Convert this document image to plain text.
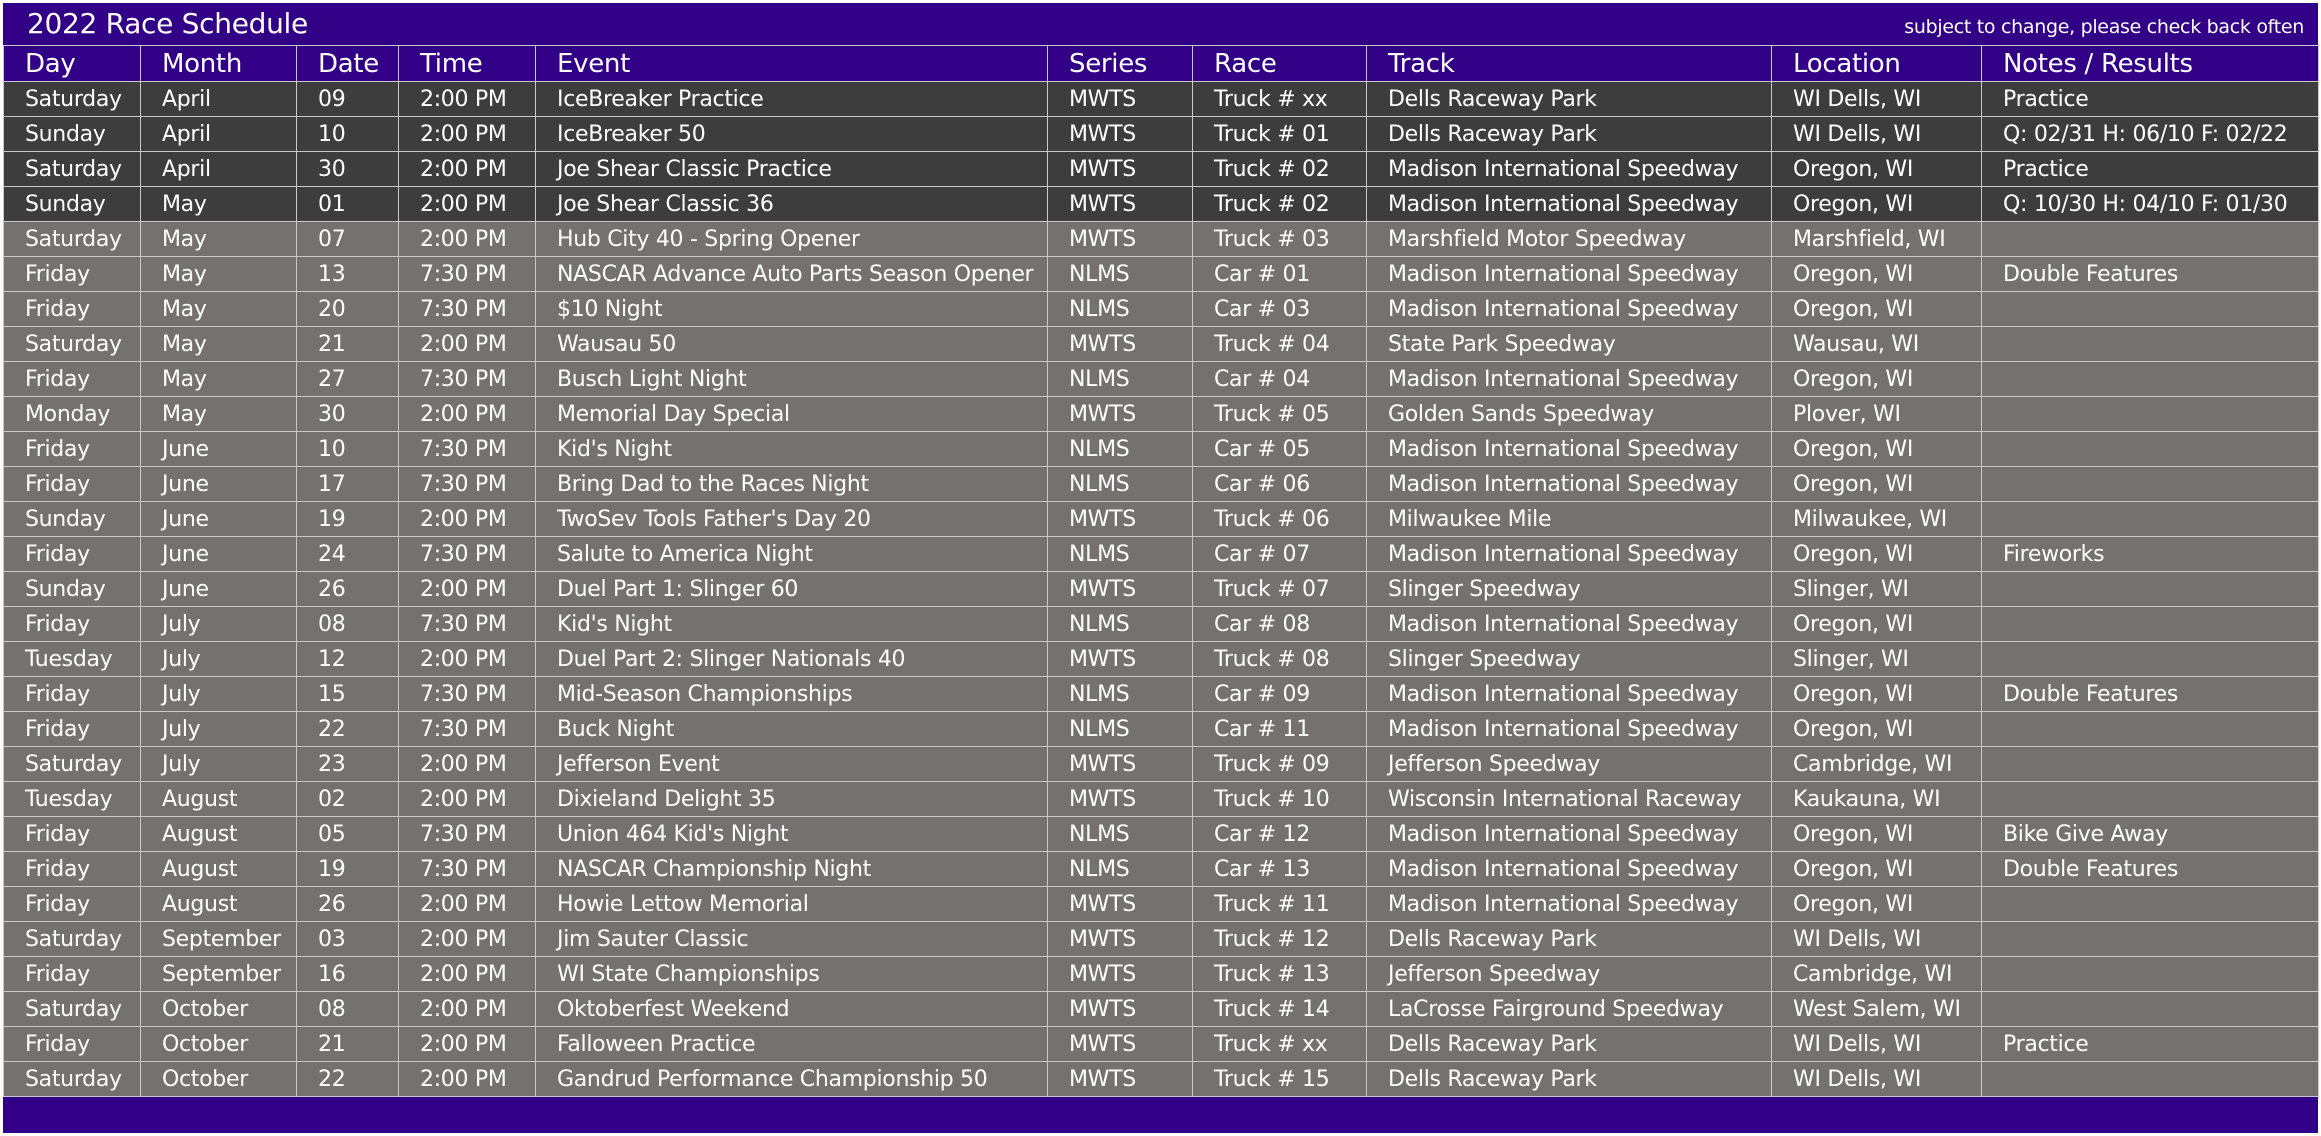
2022 Race Schedule	subject to change, please check back often
Day	Month	Date	Time	Event	Series	Race	Track	Location	Notes / Results
Saturday	April	09	2:00 PM	IceBreaker Practice	MWTS	Truck # xx	Dells Raceway Park	WI Dells, WI	Practice
Sunday	April	10	2:00 PM	IceBreaker 50	MWTS	Truck # 01	Dells Raceway Park	WI Dells, WI	Q: 02/31 H: 06/10 F: 02/22
Saturday	April	30	2:00 PM	Joe Shear Classic Practice	MWTS	Truck # 02	Madison International Speedway	Oregon, WI	Practice
Sunday	May	01	2:00 PM	Joe Shear Classic 36	MWTS	Truck # 02	Madison International Speedway	Oregon, WI	Q: 10/30 H: 04/10 F: 01/30
Saturday	May	07	2:00 PM	Hub City 40 - Spring Opener	MWTS	Truck # 03	Marshfield Motor Speedway	Marshfield, WI	
Friday	May	13	7:30 PM	NASCAR Advance Auto Parts Season Opener	NLMS	Car # 01	Madison International Speedway	Oregon, WI	Double Features
Friday	May	20	7:30 PM	$10 Night	NLMS	Car # 03	Madison International Speedway	Oregon, WI	
Saturday	May	21	2:00 PM	Wausau 50	MWTS	Truck # 04	State Park Speedway	Wausau, WI	
Friday	May	27	7:30 PM	Busch Light Night	NLMS	Car # 04	Madison International Speedway	Oregon, WI	
Monday	May	30	2:00 PM	Memorial Day Special	MWTS	Truck # 05	Golden Sands Speedway	Plover, WI	
Friday	June	10	7:30 PM	Kid's Night	NLMS	Car # 05	Madison International Speedway	Oregon, WI	
Friday	June	17	7:30 PM	Bring Dad to the Races Night	NLMS	Car # 06	Madison International Speedway	Oregon, WI	
Sunday	June	19	2:00 PM	TwoSev Tools Father's Day 20	MWTS	Truck # 06	Milwaukee Mile	Milwaukee, WI	
Friday	June	24	7:30 PM	Salute to America Night	NLMS	Car # 07	Madison International Speedway	Oregon, WI	Fireworks
Sunday	June	26	2:00 PM	Duel Part 1: Slinger 60	MWTS	Truck # 07	Slinger Speedway	Slinger, WI	
Friday	July	08	7:30 PM	Kid's Night	NLMS	Car # 08	Madison International Speedway	Oregon, WI	
Tuesday	July	12	2:00 PM	Duel Part 2: Slinger Nationals 40	MWTS	Truck # 08	Slinger Speedway	Slinger, WI	
Friday	July	15	7:30 PM	Mid-Season Championships	NLMS	Car # 09	Madison International Speedway	Oregon, WI	Double Features
Friday	July	22	7:30 PM	Buck Night	NLMS	Car # 11	Madison International Speedway	Oregon, WI	
Saturday	July	23	2:00 PM	Jefferson Event	MWTS	Truck # 09	Jefferson Speedway	Cambridge, WI	
Tuesday	August	02	2:00 PM	Dixieland Delight 35	MWTS	Truck # 10	Wisconsin International Raceway	Kaukauna, WI	
Friday	August	05	7:30 PM	Union 464 Kid's Night	NLMS	Car # 12	Madison International Speedway	Oregon, WI	Bike Give Away
Friday	August	19	7:30 PM	NASCAR Championship Night	NLMS	Car # 13	Madison International Speedway	Oregon, WI	Double Features
Friday	August	26	2:00 PM	Howie Lettow Memorial	MWTS	Truck # 11	Madison International Speedway	Oregon, WI	
Saturday	September	03	2:00 PM	Jim Sauter Classic	MWTS	Truck # 12	Dells Raceway Park	WI Dells, WI	
Friday	September	16	2:00 PM	WI State Championships	MWTS	Truck # 13	Jefferson Speedway	Cambridge, WI	
Saturday	October	08	2:00 PM	Oktoberfest Weekend	MWTS	Truck # 14	LaCrosse Fairground Speedway	West Salem, WI	
Friday	October	21	2:00 PM	Falloween Practice	MWTS	Truck # xx	Dells Raceway Park	WI Dells, WI	Practice
Saturday	October	22	2:00 PM	Gandrud Performance Championship 50	MWTS	Truck # 15	Dells Raceway Park	WI Dells, WI	
